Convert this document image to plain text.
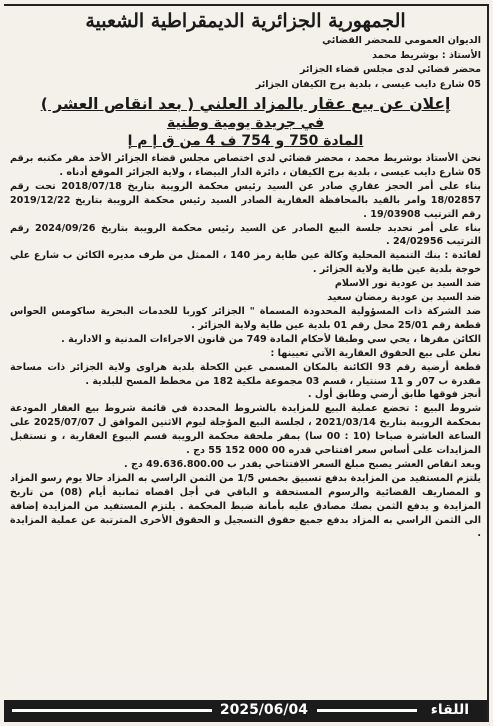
الجمهورية الجزائرية الديمقراطية الشعبية
الديوان العمومي للمحضر القضائي
الأستاذ : بوشريط محمد
محضر قضائي لدى مجلس قضاء الجزائر
05 شارع دايب عيسى ، بلدية برج الكيفان الجزائر
إعلان عن بيع عقار بالمزاد العلني ( بعد انقاص العشر )
في جريدة يومية وطنية
المادة 750 و 754 ف 4 من ق إ م إ
نحن الأستاذ بوشريط محمد ، محضر قضائي لدى اختصاص مجلس قضاء الجزائر الأخذ مقر مكتبه برقم 05 شارع دايب عيسى ، بلدية برج الكيفان ، دائرة الدار البيضاء ، ولاية الجزائر الموقع أدناه .
بناء على أمر الحجز عقاري صادر عن السيد رئيس محكمة الرويبة بتاريخ 2018/07/18 تحت رقم 18/02857 وامر بالقيد بالمحافظة العقارية الصادر السيد رئيس محكمة الرويبة بتاريخ 2019/12/22 رقم الترتيب 19/03908 .
بناء على أمر تحديد جلسة البيع الصادر عن السيد رئيس محكمة الرويبة بتاريخ 2024/09/26 رقم الترتيب 24/02956 .
لفائدة : بنك التنمية المحلية وكالة عين طاية رمز 140 ، الممثل من طرف مديره الكائن ب شارع علي خوجة بلدية عين طاية ولاية الجزائر .
ضد السيد بن عودية نور الاسلام
ضد السيد بن عودية رمضان سعيد
ضد الشركة ذات المسؤولية المحدودة المسماة " الجزائر كوربا للخدمات البحرية ساكومس الحواس قطعة رقم 25/01 محل رقم 01 بلدية عين طاية ولاية الجزائر .
الكائن مقرها ، يحي سي وطبقا لأحكام المادة 749 من قانون الاجراءات المدنية و الادارية .
نعلن على بيع الحقوق العقارية الآتي تعيينها :
قطعة أرضية رقم 93 الكائنة بالمكان المسمى عين الكحلة بلدية هراوى ولاية الجزائر ذات مساحة مقدرة ب 07ر و 11 سنتيار ، قسم 03 مجموعة ملكية 182 من مخطط المسح للبلدية .
أنجز فوقها طابق أرضي وطابق أول .
شروط البيع : تخضع عملية البيع للمزايدة بالشروط المحددة في قائمة شروط بيع العقار المودعة بمحكمة الرويبة بتاريخ 2021/03/14 ، لجلسة البيع المؤجلة ليوم الاثنين الموافق ل 2025/07/07 على الساعة العاشرة صباحا (10 : 00 سا) بمقر ملحقة محكمة الرويبة قسم البيوع العقارية ، و تستقبل المزايدات على أساس سعر افتتاحي قدره 00 000 152 55 دج .
وبعد انقاص العشر يصبح مبلغ السعر الافتتاحي يقدر ب 49.636.800.00 دج .
يلتزم المستفيد من المزايدة بدفع تسبيق بخمس 1/5 من الثمن الراسي به المزاد حالا يوم رسو المزاد و المصاريف القضائية والرسوم المستحقة و الباقي في أجل اقصاه ثمانية أيام (08) من تاريخ المزايدة و يدفع الثمن بصك مصادق عليه بأمانة ضبط المحكمة . يلتزم المستفيد من المزايدة إضافة الى الثمن الراسي به المزاد بدفع جميع حقوق التسجيل و الحقوق الأخرى المترتبة عن عملية المزايدة .
اللقاء
2025/06/04
